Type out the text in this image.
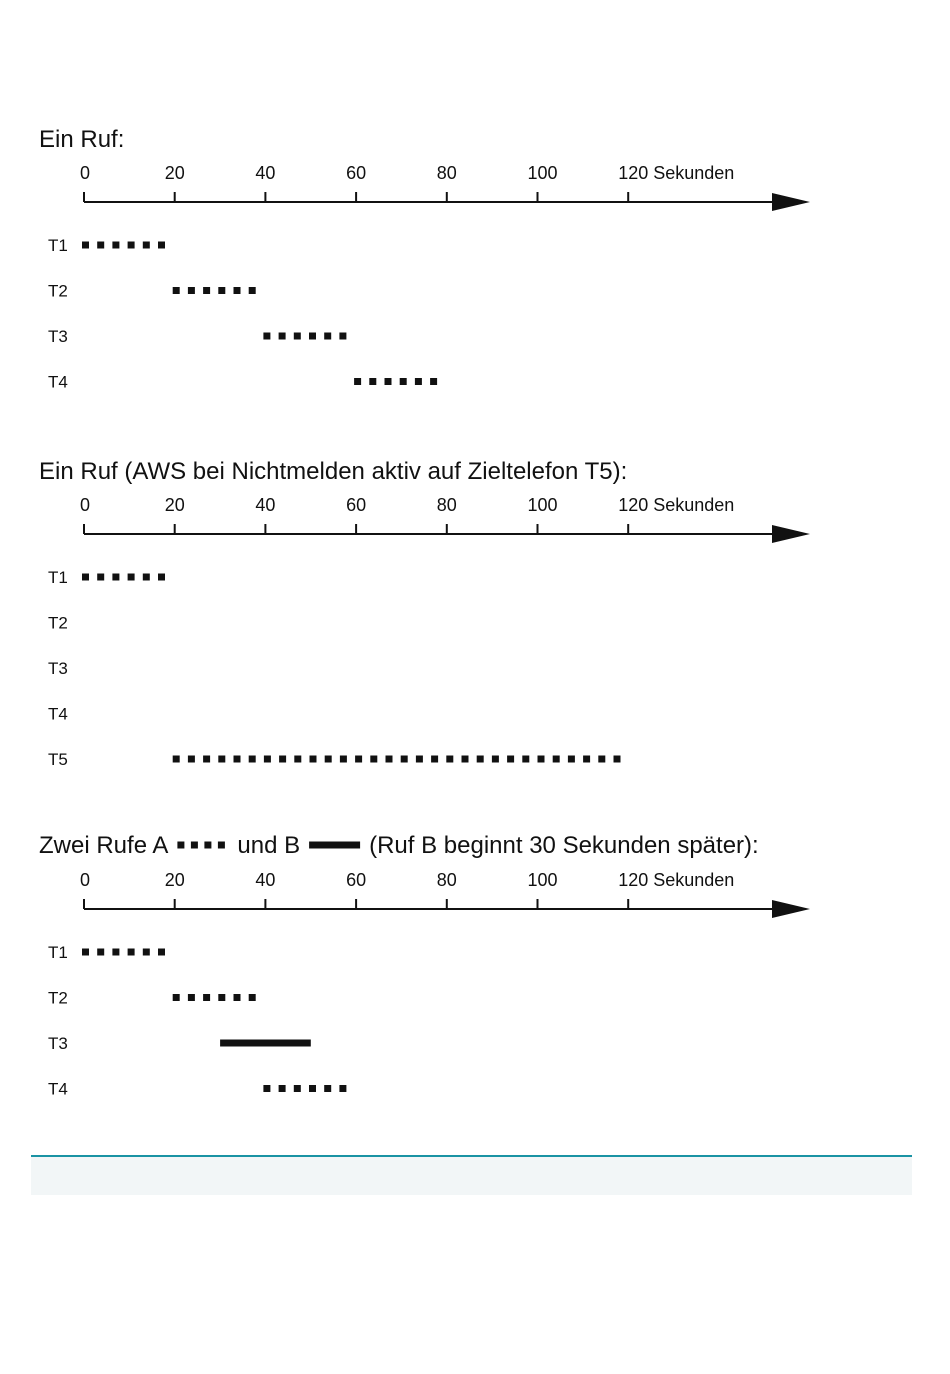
Ein Ruf:
0	20	40	60	80	100	120 Sekunden
T1
T2
T3
T4
Ein Ruf (AWS bei Nichtmelden aktiv auf Zieltelefon T5):
0	20	40	60	80	100	120 Sekunden
T1
T2
T3
T4
T5
Zwei Rufe A	und B	(Ruf B beginnt 30 Sekunden später):
0	20	40	60	80	100	120 Sekunden
T1
T2
T3
T4
